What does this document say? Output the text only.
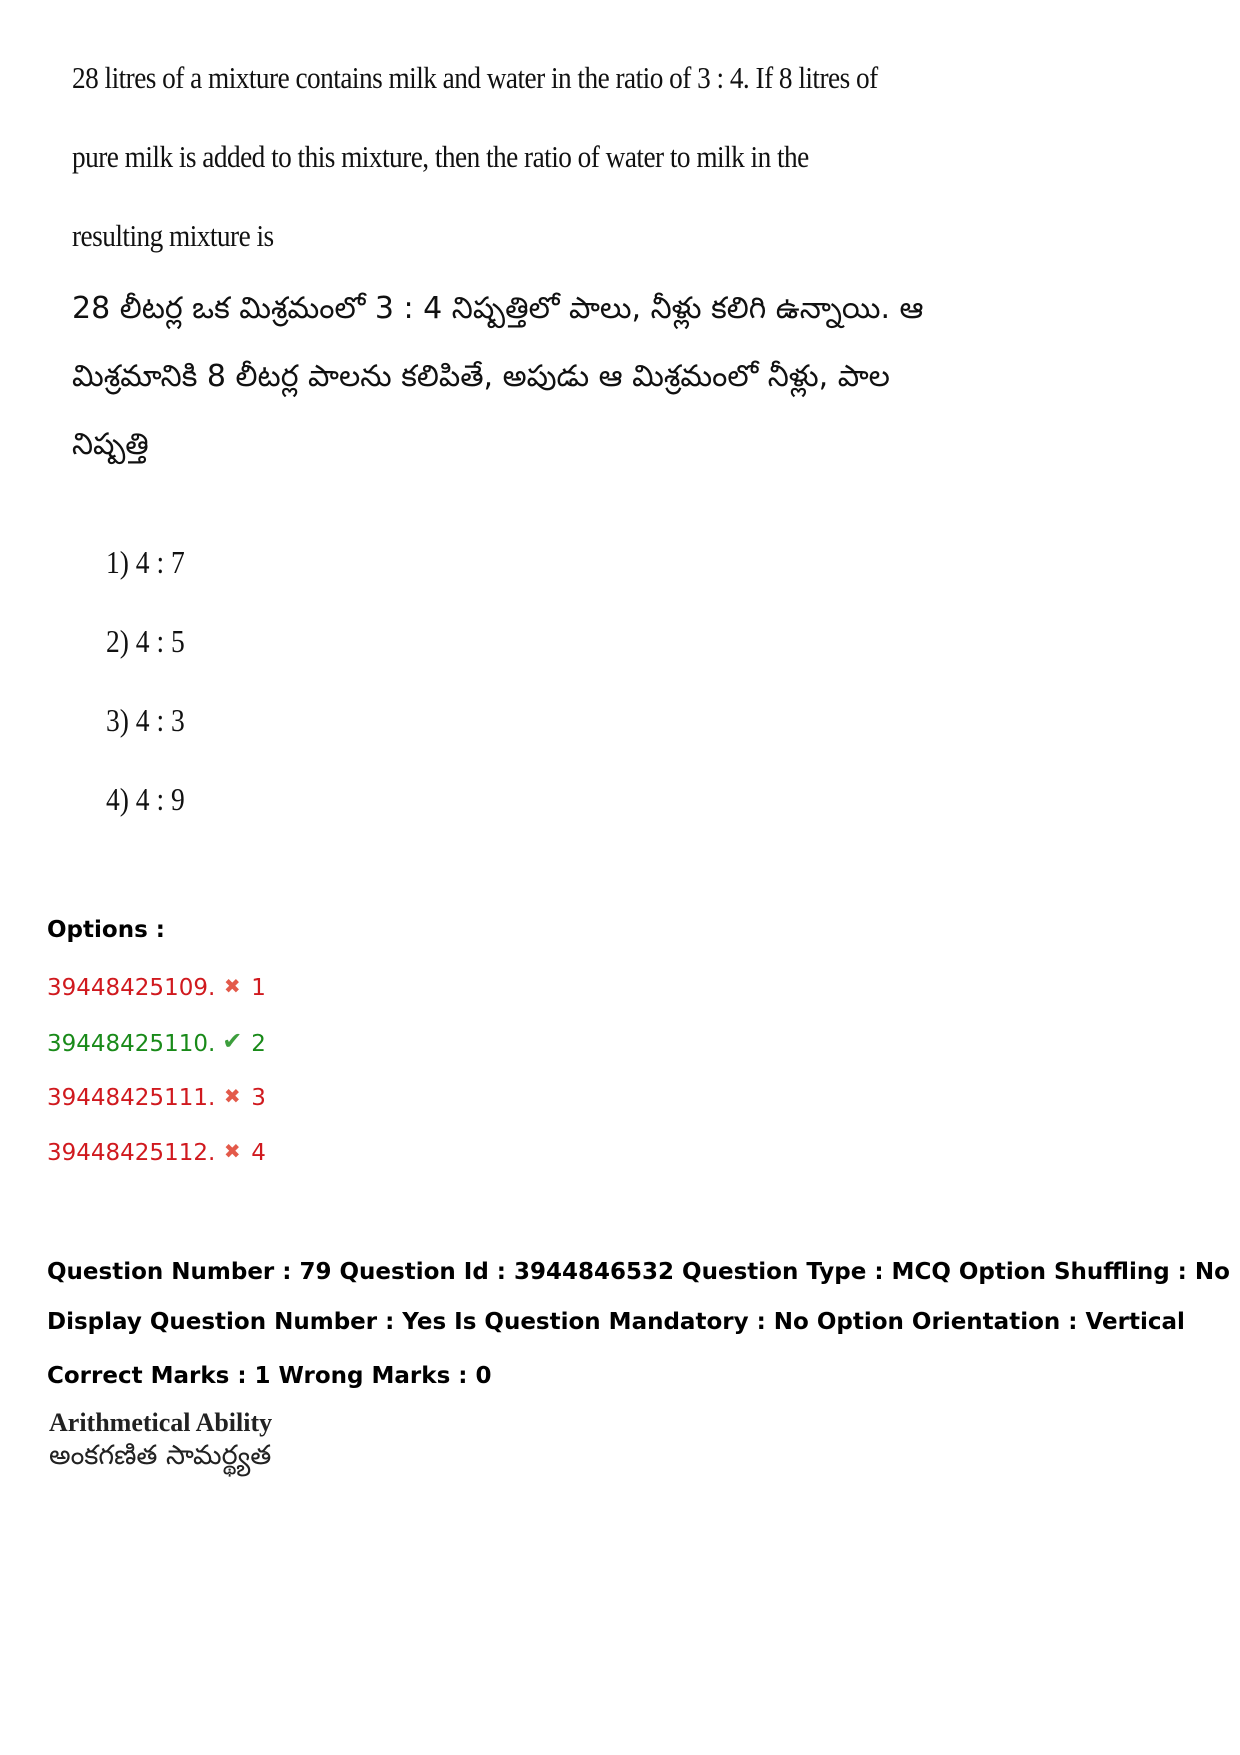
28 litres of a mixture contains milk and water in the ratio of 3 : 4. If 8 litres of

pure milk is added to this mixture, then the ratio of water to milk in the

resulting mixture is

28 లీటర్ల ఒక మిశ్రమంలో 3 : 4 నిష్పత్తిలో పాలు, నీళ్లు కలిగి ఉన్నాయి. ఆ

మిశ్రమానికి 8 లీటర్ల పాలను కలిపితే, అపుడు ఆ మిశ్రమంలో నీళ్లు, పాల

నిష్పత్తి

1) 4 : 7
2) 4 : 5
3) 4 : 3
4) 4 : 9
Options :
39448425109. ✖ 1
39448425110. ✔ 2
39448425111. ✖ 3
39448425112. ✖ 4
Question Number : 79 Question Id : 3944846532 Question Type : MCQ Option Shuffling : No
Display Question Number : Yes Is Question Mandatory : No Option Orientation : Vertical
Correct Marks : 1 Wrong Marks : 0
Arithmetical Ability
అంకగణిత సామర్థ్యత
